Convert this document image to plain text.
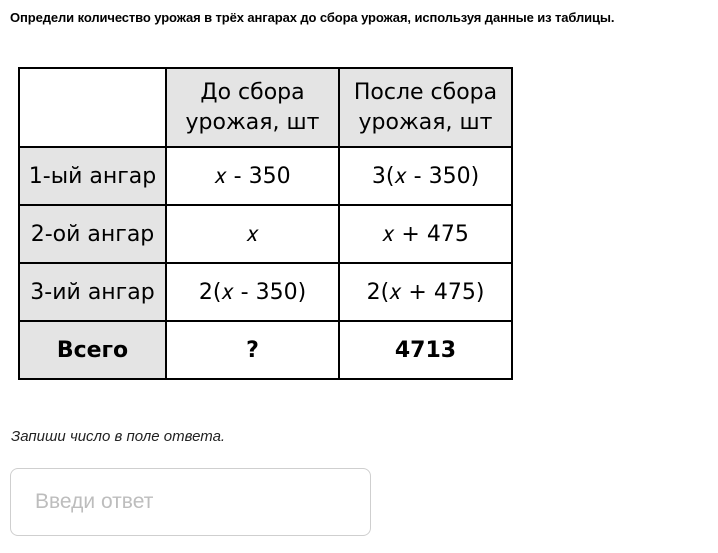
Определи количество урожая в трёх ангарах до сбора урожая, используя данные из таблицы.
	До сбора урожая, шт	После сбора урожая, шт
1-ый ангар	𝑥 - 350	3(𝑥 - 350)
2-ой ангар	𝑥	𝑥 + 475
3-ий ангар	2(𝑥 - 350)	2(𝑥 + 475)
Всего	?	4713
Запиши число в поле ответа.
Введи ответ
